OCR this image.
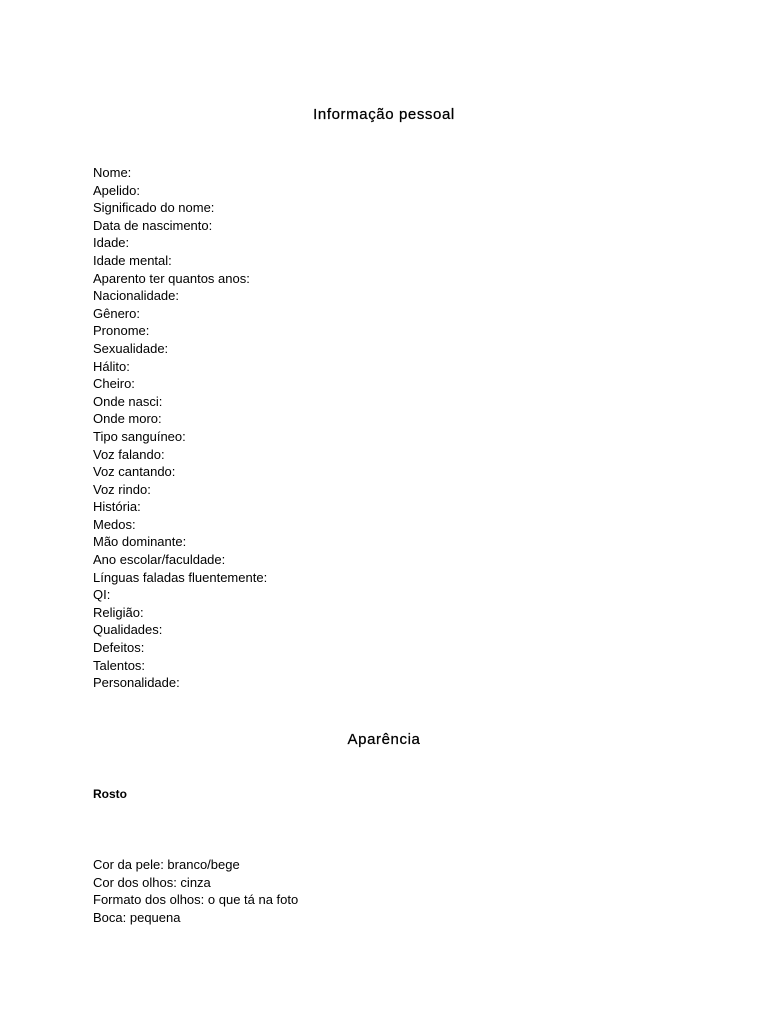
Informação pessoal
Nome:
Apelido:
Significado do nome:
Data de nascimento:
Idade:
Idade mental:
Aparento ter quantos anos:
Nacionalidade:
Gênero:
Pronome:
Sexualidade:
Hálito:
Cheiro:
Onde nasci:
Onde moro:
Tipo sanguíneo:
Voz falando:
Voz cantando:
Voz rindo:
História:
Medos:
Mão dominante:
Ano escolar/faculdade:
Línguas faladas fluentemente:
QI:
Religião:
Qualidades:
Defeitos:
Talentos:
Personalidade:
Aparência
Rosto
Cor da pele: branco/bege
Cor dos olhos: cinza
Formato dos olhos: o que tá na foto
Boca: pequena
